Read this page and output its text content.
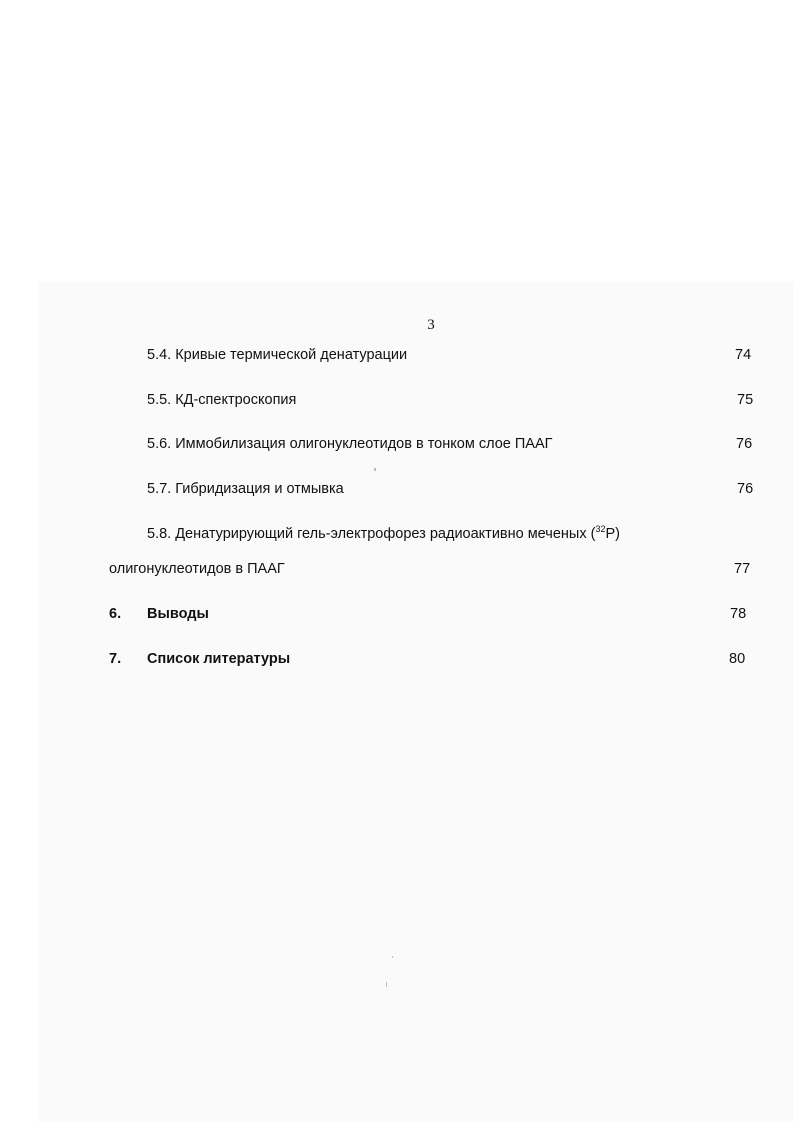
3
5.4. Кривые термической денатурации	74
5.5. КД-спектроскопия	75
5.6. Иммобилизация олигонуклеотидов в тонком слое ПААГ	76
5.7. Гибридизация и отмывка	76
5.8. Денатурирующий гель-электрофорез радиоактивно меченых ($^{32}$P)
олигонуклеотидов в ПААГ	77
6. Выводы	78
7. Список литературы	80
